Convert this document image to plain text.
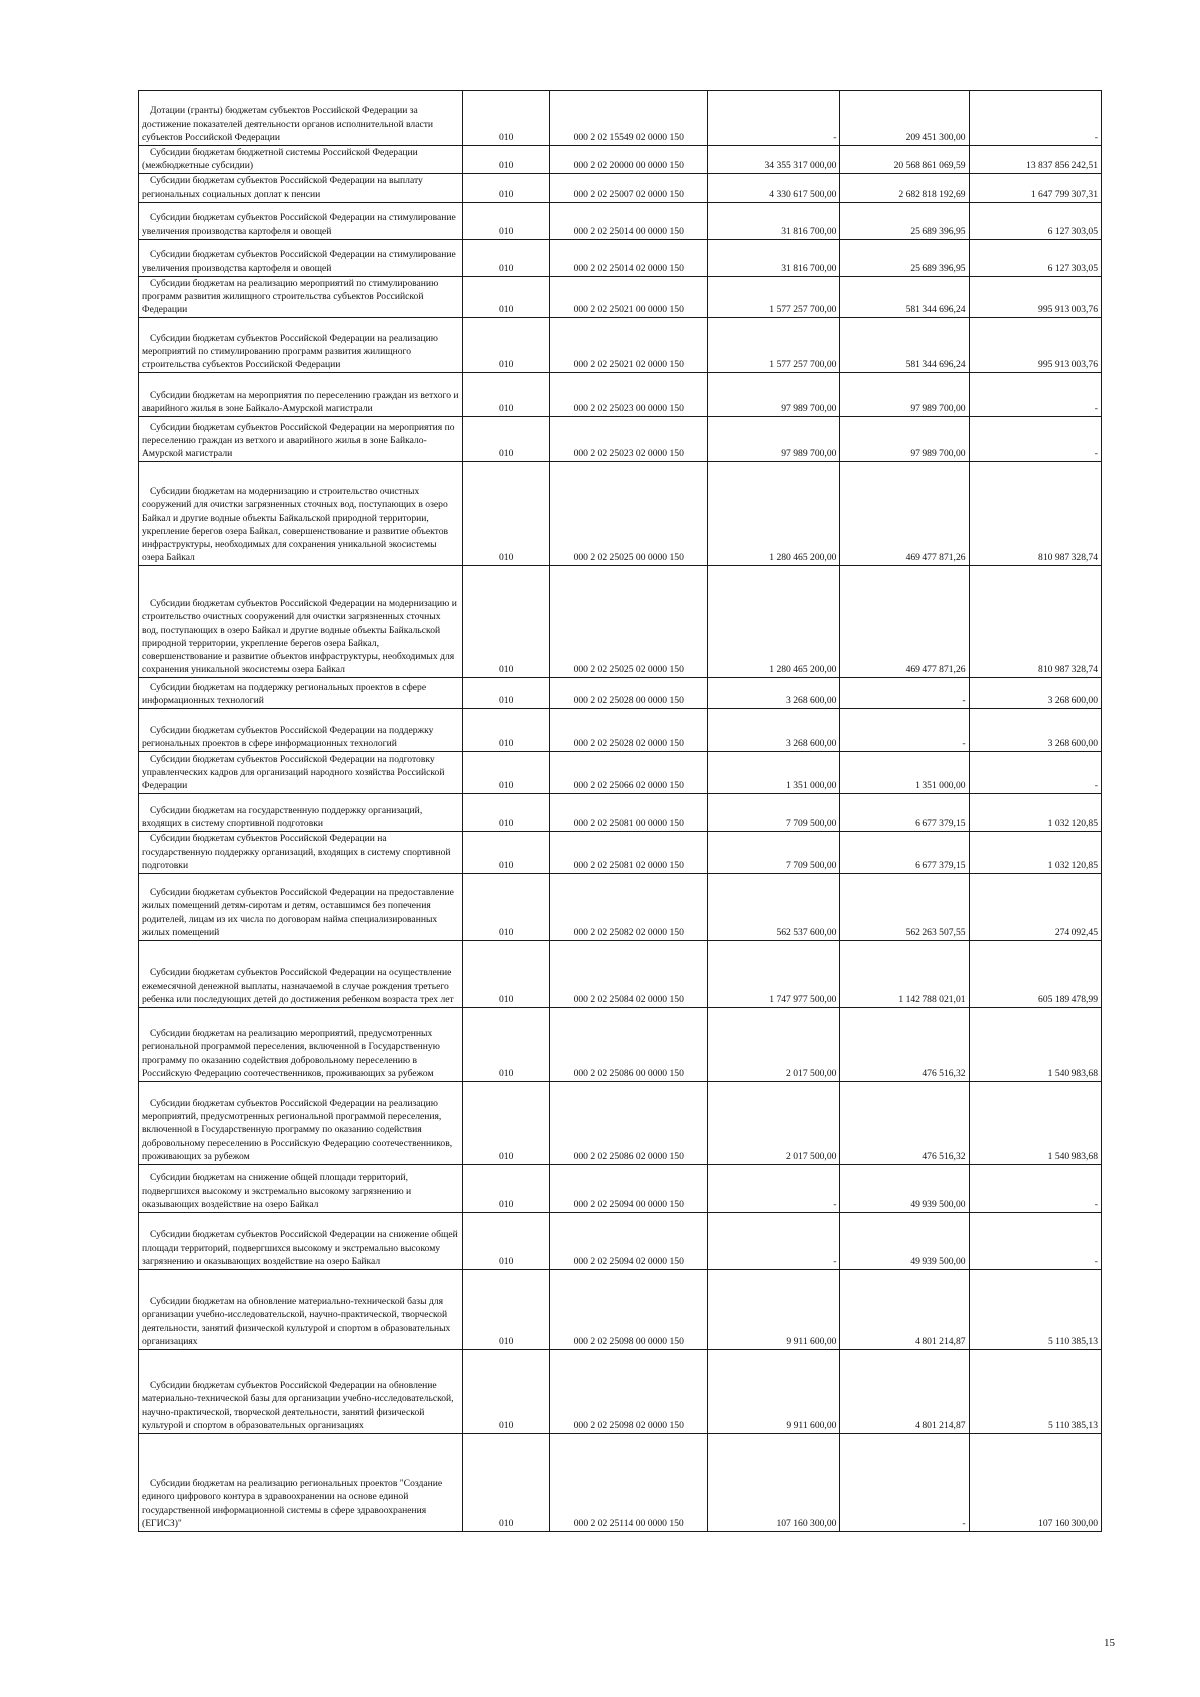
Дотации (гранты) бюджетам субъектов Российской Федерации за достижение показателей деятельности органов исполнительной власти субъектов Российской Федерации	010	000 2 02 15549 02 0000 150	-	209 451 300,00	-
Субсидии бюджетам бюджетной системы Российской Федерации (межбюджетные субсидии)	010	000 2 02 20000 00 0000 150	34 355 317 000,00	20 568 861 069,59	13 837 856 242,51
Субсидии бюджетам субъектов Российской Федерации на выплату региональных социальных доплат к пенсии	010	000 2 02 25007 02 0000 150	4 330 617 500,00	2 682 818 192,69	1 647 799 307,31
Субсидии бюджетам субъектов Российской Федерации на стимулирование увеличения производства картофеля и овощей	010	000 2 02 25014 00 0000 150	31 816 700,00	25 689 396,95	6 127 303,05
Субсидии бюджетам субъектов Российской Федерации на стимулирование увеличения производства картофеля и овощей	010	000 2 02 25014 02 0000 150	31 816 700,00	25 689 396,95	6 127 303,05
Субсидии бюджетам на реализацию мероприятий по стимулированию программ развития жилищного строительства субъектов Российской Федерации	010	000 2 02 25021 00 0000 150	1 577 257 700,00	581 344 696,24	995 913 003,76
Субсидии бюджетам субъектов Российской Федерации на реализацию мероприятий по стимулированию программ развития жилищного строительства субъектов Российской Федерации	010	000 2 02 25021 02 0000 150	1 577 257 700,00	581 344 696,24	995 913 003,76
Субсидии бюджетам на мероприятия по переселению граждан из ветхого и аварийного жилья в зоне Байкало-Амурской магистрали	010	000 2 02 25023 00 0000 150	97 989 700,00	97 989 700,00	-
Субсидии бюджетам субъектов Российской Федерации на мероприятия по переселению граждан из ветхого и аварийного жилья в зоне Байкало-Амурской магистрали	010	000 2 02 25023 02 0000 150	97 989 700,00	97 989 700,00	-
Субсидии бюджетам на модернизацию и строительство очистных сооружений для очистки загрязненных сточных вод, поступающих в озеро Байкал и другие водные объекты Байкальской природной территории, укрепление берегов озера Байкал, совершенствование и развитие объектов инфраструктуры, необходимых для сохранения уникальной экосистемы озера Байкал	010	000 2 02 25025 00 0000 150	1 280 465 200,00	469 477 871,26	810 987 328,74
Субсидии бюджетам субъектов Российской Федерации на модернизацию и строительство очистных сооружений для очистки загрязненных сточных вод, поступающих в озеро Байкал и другие водные объекты Байкальской природной территории, укрепление берегов озера Байкал, совершенствование и развитие объектов инфраструктуры, необходимых для сохранения уникальной экосистемы озера Байкал	010	000 2 02 25025 02 0000 150	1 280 465 200,00	469 477 871,26	810 987 328,74
Субсидии бюджетам на поддержку региональных проектов в сфере информационных технологий	010	000 2 02 25028 00 0000 150	3 268 600,00	-	3 268 600,00
Субсидии бюджетам субъектов Российской Федерации на поддержку региональных проектов в сфере информационных технологий	010	000 2 02 25028 02 0000 150	3 268 600,00	-	3 268 600,00
Субсидии бюджетам субъектов Российской Федерации на подготовку управленческих кадров для организаций народного хозяйства Российской Федерации	010	000 2 02 25066 02 0000 150	1 351 000,00	1 351 000,00	-
Субсидии бюджетам на государственную поддержку организаций, входящих в систему спортивной подготовки	010	000 2 02 25081 00 0000 150	7 709 500,00	6 677 379,15	1 032 120,85
Субсидии бюджетам субъектов Российской Федерации на государственную поддержку организаций, входящих в систему спортивной подготовки	010	000 2 02 25081 02 0000 150	7 709 500,00	6 677 379,15	1 032 120,85
Субсидии бюджетам субъектов Российской Федерации на предоставление жилых помещений детям-сиротам и детям, оставшимся без попечения родителей, лицам из их числа по договорам найма специализированных жилых помещений	010	000 2 02 25082 02 0000 150	562 537 600,00	562 263 507,55	274 092,45
Субсидии бюджетам субъектов Российской Федерации на осуществление ежемесячной денежной выплаты, назначаемой в случае рождения третьего ребенка или последующих детей до достижения ребенком возраста трех лет	010	000 2 02 25084 02 0000 150	1 747 977 500,00	1 142 788 021,01	605 189 478,99
Субсидии бюджетам на реализацию мероприятий, предусмотренных региональной программой переселения, включенной в Государственную программу по оказанию содействия добровольному переселению в Российскую Федерацию соотечественников, проживающих за рубежом	010	000 2 02 25086 00 0000 150	2 017 500,00	476 516,32	1 540 983,68
Субсидии бюджетам субъектов Российской Федерации на реализацию мероприятий, предусмотренных региональной программой переселения, включенной в Государственную программу по оказанию содействия добровольному переселению в Российскую Федерацию соотечественников, проживающих за рубежом	010	000 2 02 25086 02 0000 150	2 017 500,00	476 516,32	1 540 983,68
Субсидии бюджетам на снижение общей площади территорий, подвергшихся высокому и экстремально высокому загрязнению и оказывающих воздействие на озеро Байкал	010	000 2 02 25094 00 0000 150	-	49 939 500,00	-
Субсидии бюджетам субъектов Российской Федерации на снижение общей площади территорий, подвергшихся высокому и экстремально высокому загрязнению и оказывающих воздействие на озеро Байкал	010	000 2 02 25094 02 0000 150	-	49 939 500,00	-
Субсидии бюджетам на обновление материально-технической базы для организации учебно-исследовательской, научно-практической, творческой деятельности, занятий физической культурой и спортом в образовательных организациях	010	000 2 02 25098 00 0000 150	9 911 600,00	4 801 214,87	5 110 385,13
Субсидии бюджетам субъектов Российской Федерации на обновление материально-технической базы для организации учебно-исследовательской, научно-практической, творческой деятельности, занятий физической культурой и спортом в образовательных организациях	010	000 2 02 25098 02 0000 150	9 911 600,00	4 801 214,87	5 110 385,13
Субсидии бюджетам на реализацию региональных проектов "Создание единого цифрового контура в здравоохранении на основе единой государственной информационной системы в сфере здравоохранения (ЕГИСЗ)"	010	000 2 02 25114 00 0000 150	107 160 300,00	-	107 160 300,00
15
